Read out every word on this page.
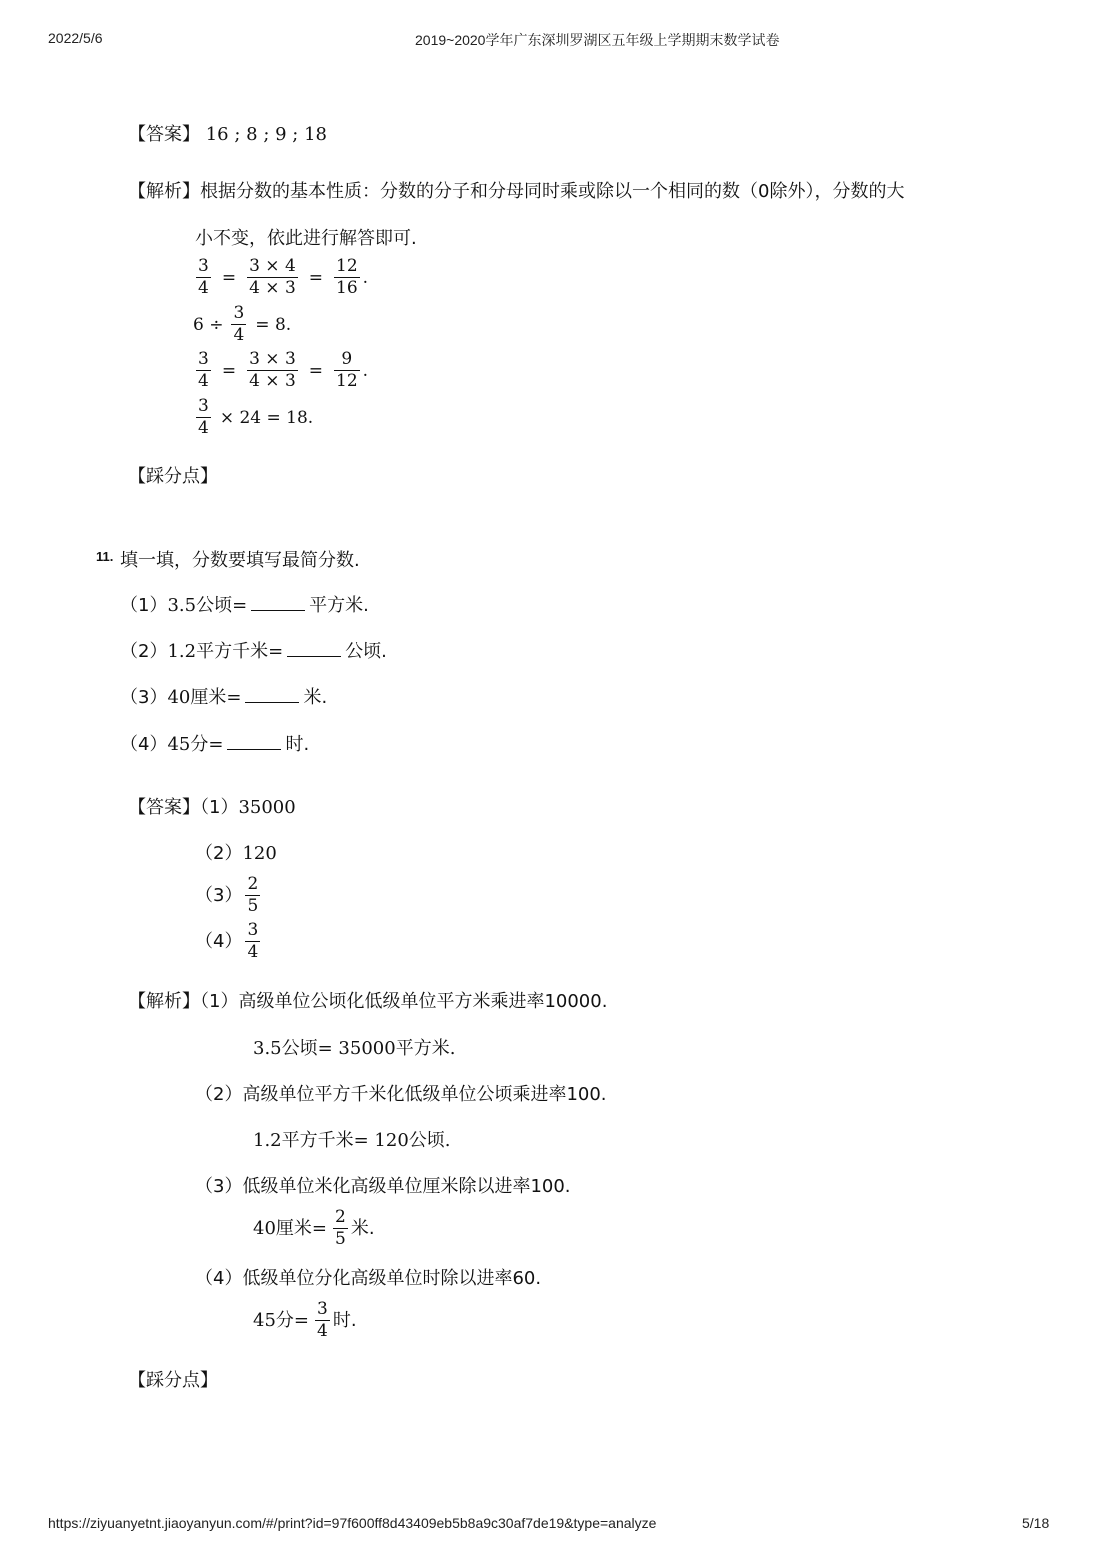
2022/5/6	2019~2020学年广东深圳罗湖区五年级上学期期末数学试卷
【答案】 16 ; 8 ; 9 ; 18
【解析】根据分数的基本性质：分数的分子和分母同时乘或除以一个相同的数（0除外），分数的大
小不变，依此进行解答即可.
$\frac{3}{4} = \frac{3 \times 4}{4 \times 3} = \frac{12}{16}$ .
$6 \div \frac{3}{4} = 8$.
$\frac{3}{4} = \frac{3 \times 3}{4 \times 3} = \frac{9}{12}$ .
$\frac{3}{4} \times 24 = 18$.
【踩分点】
11. 填一填，分数要填写最简分数.
（1）3.5公顷=	平方米.
（2）1.2平方千米=	公顷.
（3）40厘米=	米.
（4）45分=	时.
【答案】（1）35000
（2）120
$(3) \frac{2}{5}$
$(4) \frac{3}{4}$
【解析】（1）高级单位公顷化低级单位平方米乘进率10000.
3.5公顷= 35000平方米.
（2）高级单位平方千米化低级单位公顷乘进率100.
1.2平方千米= 120公顷.
（3）低级单位米化高级单位厘米除以进率100.
40厘米= $\frac{2}{5}$ 米.
（4）低级单位分化高级单位时除以进率60.
45分= $\frac{3}{4}$ 时.
【踩分点】
https://ziyuanyetnt.jiaoyanyun.com/#/print?id=97f600ff8d43409eb5b8a9c30af7de19&type=analyze	5/18
